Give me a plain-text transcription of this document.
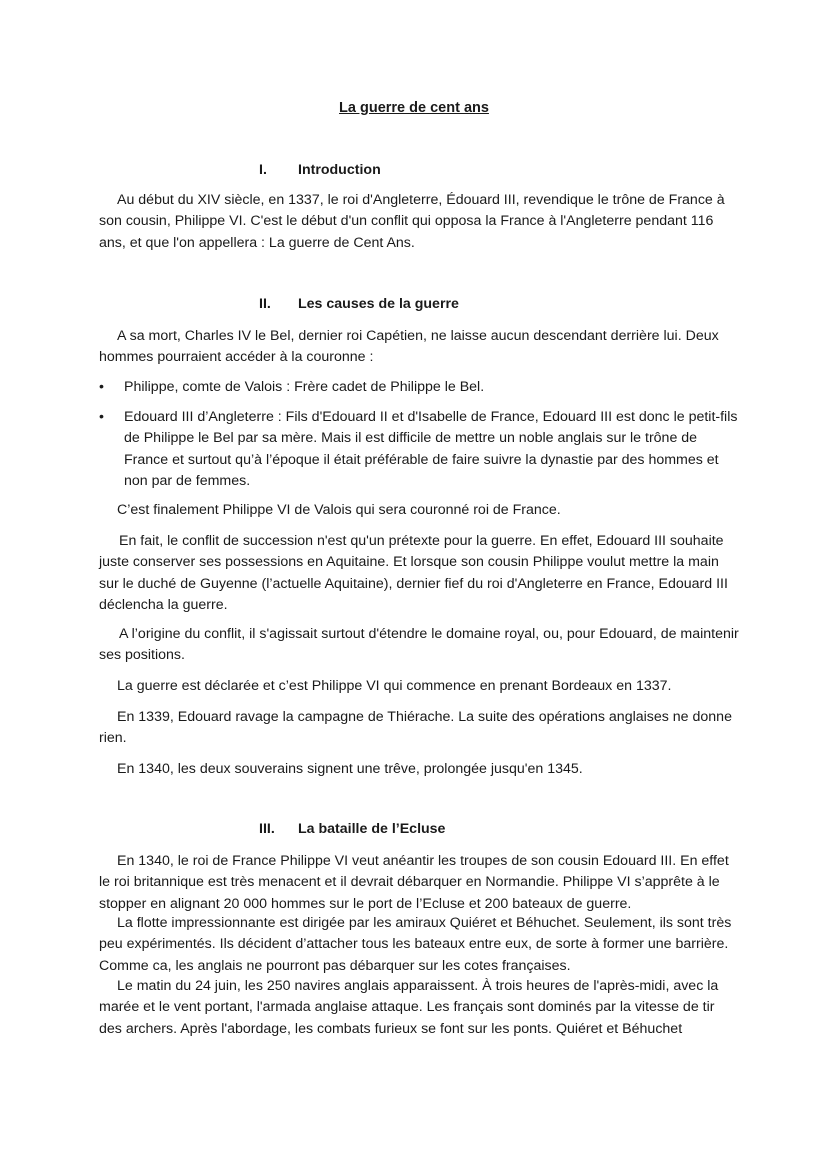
La guerre de cent ans
I. Introduction

Au début du XIV siècle, en 1337, le roi d'Angleterre, Édouard III, revendique le trône de France à son cousin, Philippe VI. C'est le début d'un conflit qui opposa la France à l'Angleterre pendant 116 ans, et que l'on appellera : La guerre de Cent Ans.

II. Les causes de la guerre

A sa mort, Charles IV le Bel, dernier roi Capétien, ne laisse aucun descendant derrière lui. Deux hommes pourraient accéder à la couronne :

• Philippe, comte de Valois : Frère cadet de Philippe le Bel.
• Edouard III d’Angleterre : Fils d'Edouard II et d'Isabelle de France, Edouard III est donc le petit-fils de Philippe le Bel par sa mère. Mais il est difficile de mettre un noble anglais sur le trône de France et surtout qu’à l’époque il était préférable de faire suivre la dynastie par des hommes et non par de femmes.

C’est finalement Philippe VI de Valois qui sera couronné roi de France.

En fait, le conflit de succession n'est qu'un prétexte pour la guerre. En effet, Edouard III souhaite juste conserver ses possessions en Aquitaine. Et lorsque son cousin Philippe voulut mettre la main sur le duché de Guyenne (l’actuelle Aquitaine), dernier fief du roi d'Angleterre en France, Edouard III déclencha la guerre.

A l’origine du conflit, il s'agissait surtout d'étendre le domaine royal, ou, pour Edouard, de maintenir ses positions.

La guerre est déclarée et c’est Philippe VI qui commence en prenant Bordeaux en 1337.

En 1339, Edouard ravage la campagne de Thiérache. La suite des opérations anglaises ne donne rien.

En 1340, les deux souverains signent une trêve, prolongée jusqu'en 1345.

III. La bataille de l’Ecluse

En 1340, le roi de France Philippe VI veut anéantir les troupes de son cousin Edouard III. En effet le roi britannique est très menacent et il devrait débarquer en Normandie. Philippe VI s’apprête à le stopper en alignant 20 000 hommes sur le port de l’Ecluse et 200 bateaux de guerre.

La flotte impressionnante est dirigée par les amiraux Quiéret et Béhuchet. Seulement, ils sont très peu expérimentés. Ils décident d’attacher tous les bateaux entre eux, de sorte à former une barrière. Comme ca, les anglais ne pourront pas débarquer sur les cotes françaises.

Le matin du 24 juin, les 250 navires anglais apparaissent. À trois heures de l'après-midi, avec la marée et le vent portant, l'armada anglaise attaque. Les français sont dominés par la vitesse de tir des archers. Après l'abordage, les combats furieux se font sur les ponts. Quiéret et Béhuchet
